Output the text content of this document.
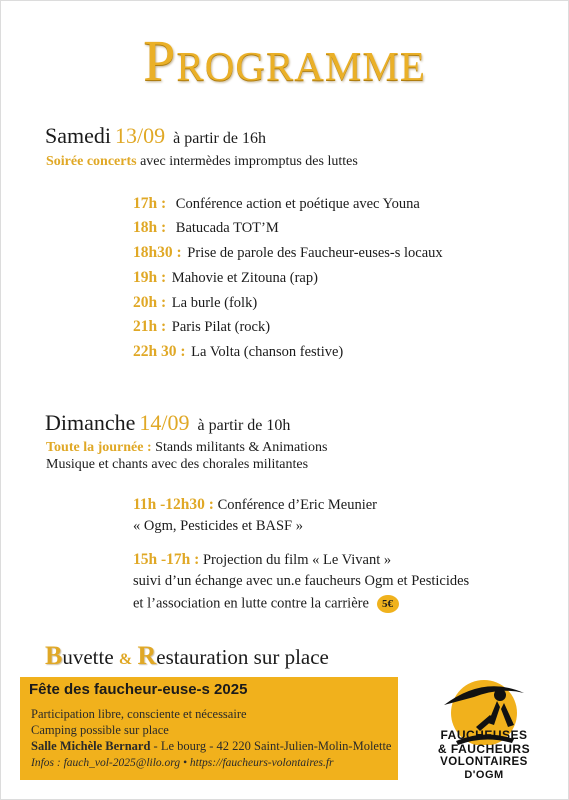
Programme
Samedi 13/09 à partir de 16h
Soirée concerts avec intermèdes impromptus des luttes
17h : Conférence action et poétique avec Youna
18h : Batucada TOT’M
18h30 : Prise de parole des Faucheur-euses-s locaux
19h : Mahovie et Zitouna (rap)
20h : La burle (folk)
21h : Paris Pilat (rock)
22h 30 : La Volta (chanson festive)
Dimanche 14/09 à partir de 10h
Toute la journée : Stands militants & Animations
Musique et chants avec des chorales militantes
11h -12h30 : Conférence d’Eric Meunier
« Ogm, Pesticides et BASF »
15h -17h : Projection du film « Le Vivant »
suivi d’un échange avec un.e faucheurs Ogm et Pesticides
et l’association en lutte contre la carrière 5€
Buvette & Restauration sur place
Fête des faucheur-euse-s 2025
Participation libre, consciente et nécessaire
Camping possible sur place
Salle Michèle Bernard - Le bourg - 42 220 Saint-Julien-Molin-Molette
Infos : fauch_vol-2025@lilo.org • https://faucheurs-volontaires.fr
FAUCHEUSES
& FAUCHEURS
VOLONTAIRES
D'OGM
